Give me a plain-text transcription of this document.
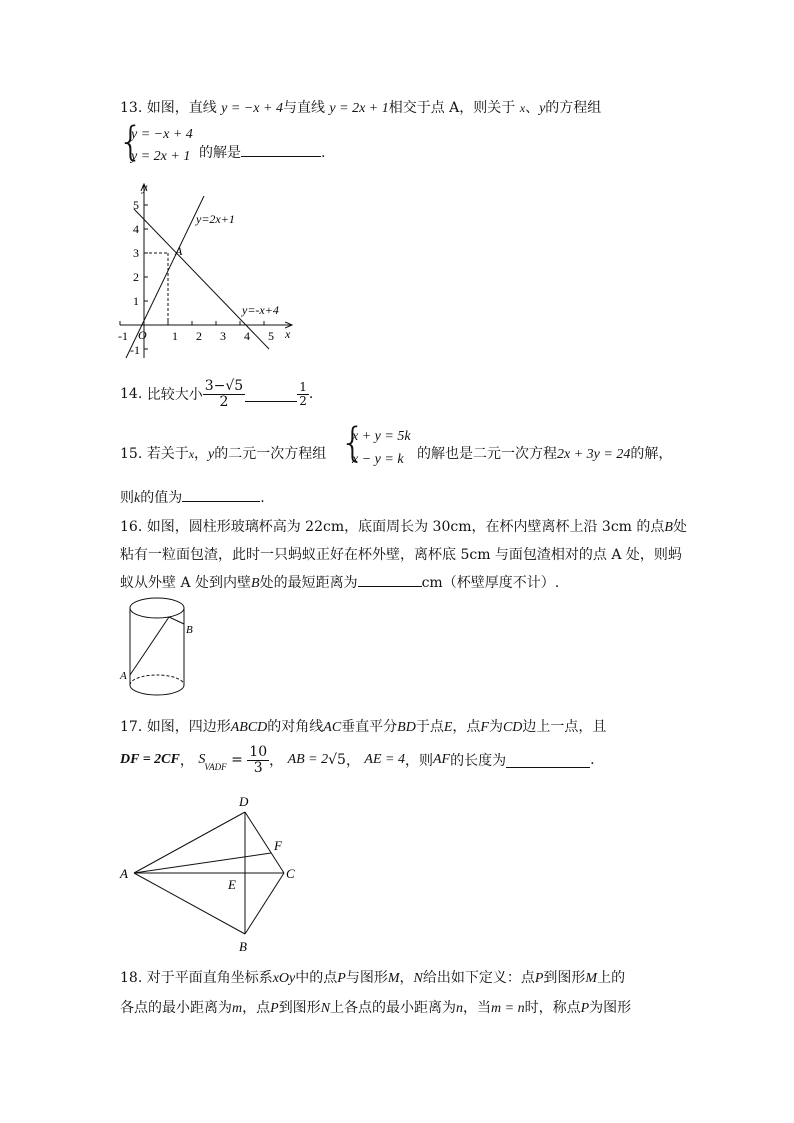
13. 如图，直线 y = −x + 4与直线 y = 2x + 1相交于点 A，则关于 x、y的方程组
{
y = −x + 4
y = 2x + 1 的解是	.
y
x
O
A
y=2x+1
y=-x+4
-1	1 2 3 4 5
5
4
3
2
1
-1
14. 比较大小 $\frac{3-√5}{2}$	$\frac{1}{2}$ .
15. 若关于x，y的二元一次方程组 {
x + y = 5k
x − y = k 的解也是二元一次方程2x + 3y = 24的解，
则k的值为	.
16. 如图，圆柱形玻璃杯高为 22cm，底面周长为 30cm，在杯内壁离杯上沿 3cm 的点B处
粘有一粒面包渣，此时一只蚂蚁正好在杯外壁，离杯底 5cm 与面包渣相对的点 A 处，则蚂
蚁从外壁 A 处到内壁B处的最短距离为	cm（杯壁厚度不计）.
B
A
17. 如图，四边形ABCD的对角线AC垂直平分BD于点E，点F为CD边上一点，且
DF = 2CF， $S_{VADF} = \frac{10}{3}$ ， AB = 2√5， AE = 4，则AF的长度为	.
D
F
A
E
C
B
18. 对于平面直角坐标系xOy中的点P与图形M，N给出如下定义：点P到图形M上的
各点的最小距离为m，点P到图形N上各点的最小距离为n，当m = n时，称点P为图形
